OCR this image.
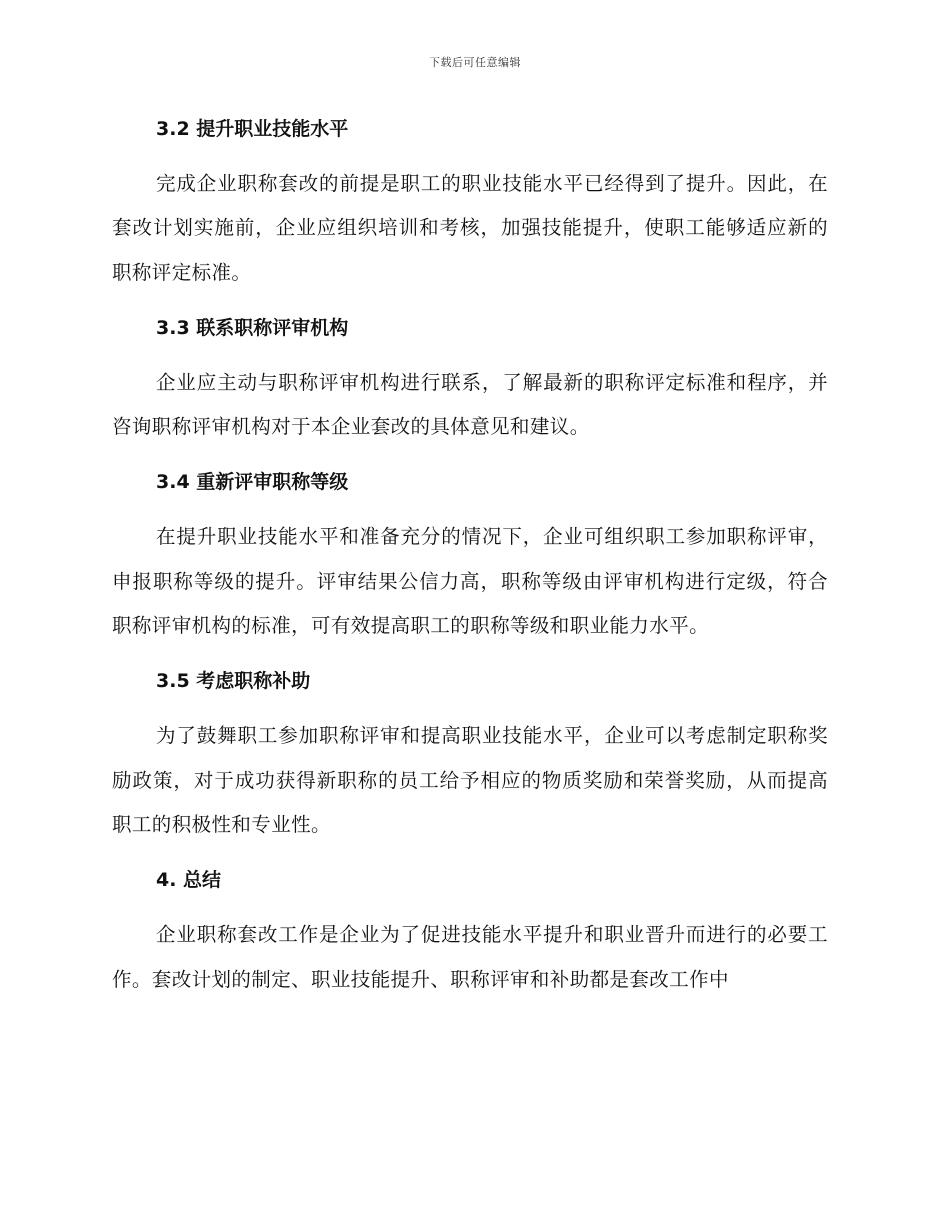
下载后可任意编辑
3.2 提升职业技能水平

完成企业职称套改的前提是职工的职业技能水平已经得到了提升。因此，在套改计划实施前，企业应组织培训和考核，加强技能提升，使职工能够适应新的职称评定标准。

3.3 联系职称评审机构

企业应主动与职称评审机构进行联系，了解最新的职称评定标准和程序，并咨询职称评审机构对于本企业套改的具体意见和建议。

3.4 重新评审职称等级

在提升职业技能水平和准备充分的情况下，企业可组织职工参加职称评审，申报职称等级的提升。评审结果公信力高，职称等级由评审机构进行定级，符合职称评审机构的标准，可有效提高职工的职称等级和职业能力水平。

3.5 考虑职称补助

为了鼓舞职工参加职称评审和提高职业技能水平，企业可以考虑制定职称奖励政策，对于成功获得新职称的员工给予相应的物质奖励和荣誉奖励，从而提高职工的积极性和专业性。

4. 总结

企业职称套改工作是企业为了促进技能水平提升和职业晋升而进行的必要工作。套改计划的制定、职业技能提升、职称评审和补助都是套改工作中
